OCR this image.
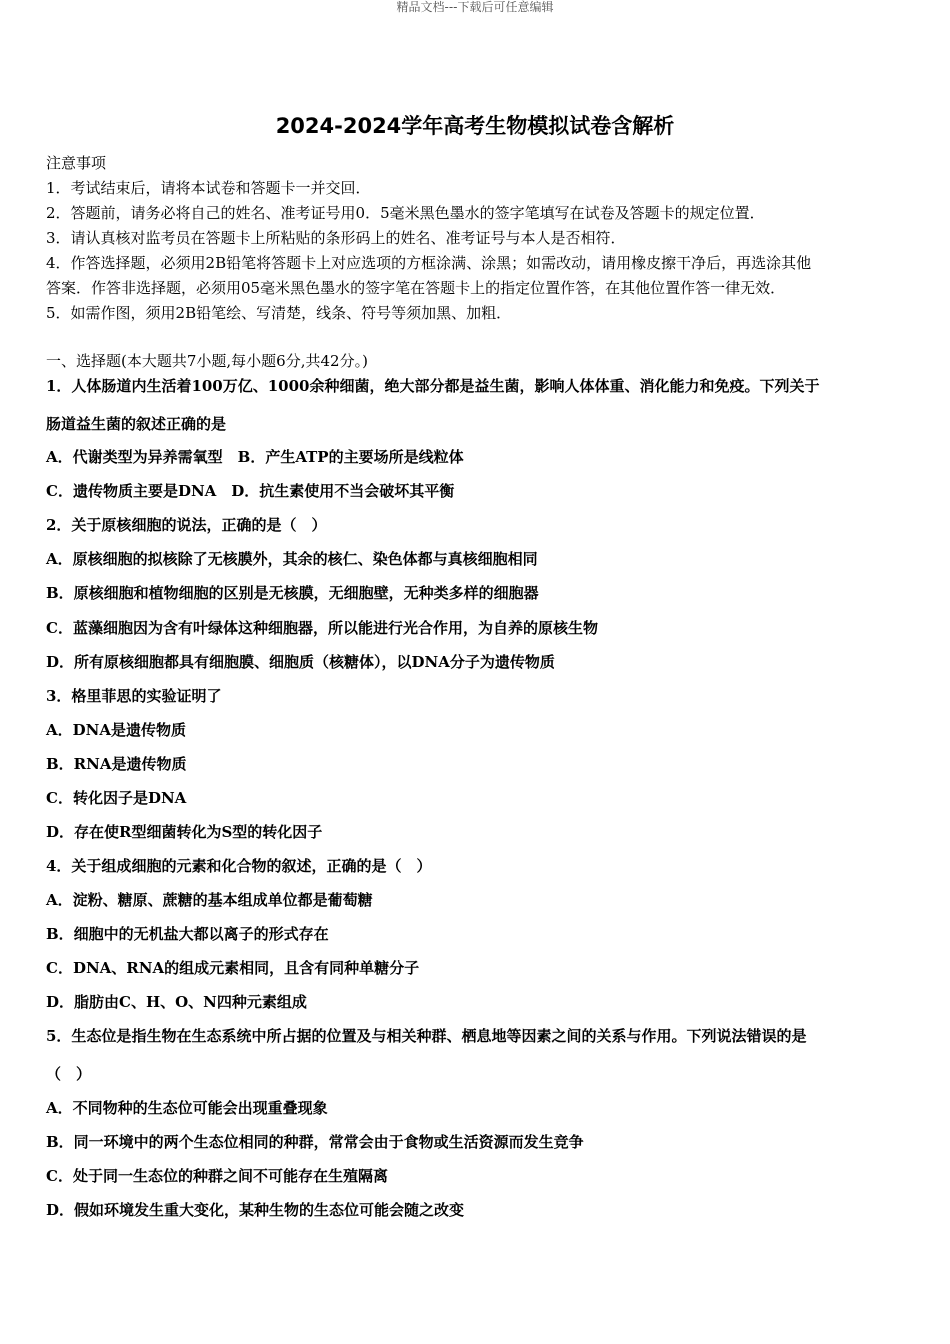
精品文档---下载后可任意编辑
2024-2024学年高考生物模拟试卷含解析
注意事项
1．考试结束后，请将本试卷和答题卡一并交回．
2．答题前，请务必将自己的姓名、准考证号用0．5毫米黑色墨水的签字笔填写在试卷及答题卡的规定位置．
3．请认真核对监考员在答题卡上所粘贴的条形码上的姓名、准考证号与本人是否相符．
4．作答选择题，必须用2B铅笔将答题卡上对应选项的方框涂满、涂黑；如需改动，请用橡皮擦干净后，再选涂其他
答案．作答非选择题，必须用05毫米黑色墨水的签字笔在答题卡上的指定位置作答，在其他位置作答一律无效．
5．如需作图，须用2B铅笔绘、写清楚，线条、符号等须加黑、加粗．
一、选择题(本大题共7小题,每小题6分,共42分。)
1．人体肠道内生活着100万亿、1000余种细菌，绝大部分都是益生菌，影响人体体重、消化能力和免疫。下列关于
肠道益生菌的叙述正确的是
A．代谢类型为异养需氧型　B．产生ATP的主要场所是线粒体
C．遗传物质主要是DNA　D．抗生素使用不当会破坏其平衡
2．关于原核细胞的说法，正确的是（　）
A．原核细胞的拟核除了无核膜外，其余的核仁、染色体都与真核细胞相同
B．原核细胞和植物细胞的区别是无核膜，无细胞壁，无种类多样的细胞器
C．蓝藻细胞因为含有叶绿体这种细胞器，所以能进行光合作用，为自养的原核生物
D．所有原核细胞都具有细胞膜、细胞质（核糖体），以DNA分子为遗传物质
3．格里菲思的实验证明了
A．DNA是遗传物质
B．RNA是遗传物质
C．转化因子是DNA
D．存在使R型细菌转化为S型的转化因子
4．关于组成细胞的元素和化合物的叙述，正确的是（　）
A．淀粉、糖原、蔗糖的基本组成单位都是葡萄糖
B．细胞中的无机盐大都以离子的形式存在
C．DNA、RNA的组成元素相同，且含有同种单糖分子
D．脂肪由C、H、O、N四种元素组成
5．生态位是指生物在生态系统中所占据的位置及与相关种群、栖息地等因素之间的关系与作用。下列说法错误的是
（　）
A．不同物种的生态位可能会出现重叠现象
B．同一环境中的两个生态位相同的种群，常常会由于食物或生活资源而发生竞争
C．处于同一生态位的种群之间不可能存在生殖隔离
D．假如环境发生重大变化，某种生物的生态位可能会随之改变
